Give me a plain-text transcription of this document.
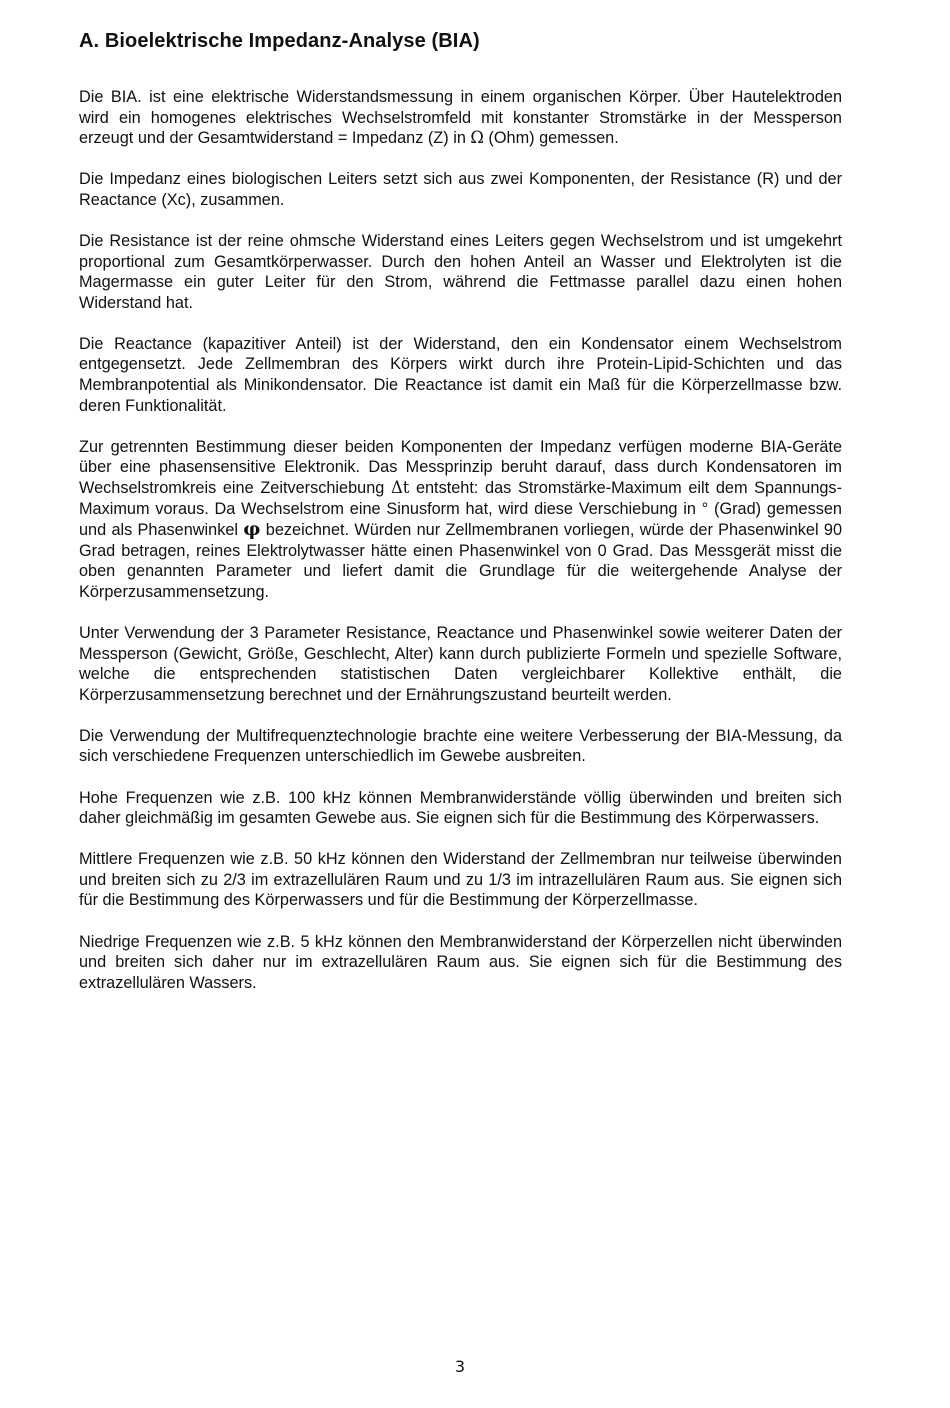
A. Bioelektrische Impedanz-Analyse (BIA)

Die BIA. ist eine elektrische Widerstandsmessung in einem organischen Körper. Über Hautelektroden wird ein homogenes elektrisches Wechselstromfeld mit konstanter Stromstärke in der Messperson erzeugt und der Gesamtwiderstand = Impedanz (Z) in Ω (Ohm) gemessen.

Die Impedanz eines biologischen Leiters setzt sich aus zwei Komponenten, der Resistance (R) und der Reactance (Xc), zusammen.

Die Resistance ist der reine ohmsche Widerstand eines Leiters gegen Wechselstrom und ist umgekehrt proportional zum Gesamtkörperwasser. Durch den hohen Anteil an Wasser und Elektrolyten ist die Magermasse ein guter Leiter für den Strom, während die Fettmasse parallel dazu einen hohen Widerstand hat.

Die Reactance (kapazitiver Anteil) ist der Widerstand, den ein Kondensator einem Wechselstrom entgegensetzt. Jede Zellmembran des Körpers wirkt durch ihre Protein-Lipid-Schichten und das Membranpotential als Minikondensator. Die Reactance ist damit ein Maß für die Körperzellmasse bzw. deren Funktionalität.

Zur getrennten Bestimmung dieser beiden Komponenten der Impedanz verfügen moderne BIA-Geräte über eine phasensensitive Elektronik. Das Messprinzip beruht darauf, dass durch Kondensatoren im Wechselstromkreis eine Zeitverschiebung Δt entsteht: das Stromstärke-Maximum eilt dem Spannungs-Maximum voraus. Da Wechselstrom eine Sinusform hat, wird diese Verschiebung in ° (Grad) gemessen und als Phasenwinkel φ bezeichnet. Würden nur Zellmembranen vorliegen, würde der Phasenwinkel 90 Grad betragen, reines Elektrolytwasser hätte einen Phasenwinkel von 0 Grad. Das Messgerät misst die oben genannten Parameter und liefert damit die Grundlage für die weitergehende Analyse der Körperzusammensetzung.

Unter Verwendung der 3 Parameter Resistance, Reactance und Phasenwinkel sowie weiterer Daten der Messperson (Gewicht, Größe, Geschlecht, Alter) kann durch publizierte Formeln und spezielle Software, welche die entsprechenden statistischen Daten vergleichbarer Kollektive enthält, die Körperzusammensetzung berechnet und der Ernährungszustand beurteilt werden.

Die Verwendung der Multifrequenztechnologie brachte eine weitere Verbesserung der BIA-Messung, da sich verschiedene Frequenzen unterschiedlich im Gewebe ausbreiten.

Hohe Frequenzen wie z.B. 100 kHz können Membranwiderstände völlig überwinden und breiten sich daher gleichmäßig im gesamten Gewebe aus. Sie eignen sich für die Bestimmung des Körperwassers.

Mittlere Frequenzen wie z.B. 50 kHz können den Widerstand der Zellmembran nur teilweise überwinden und breiten sich zu 2/3 im extrazellulären Raum und zu 1/3 im intrazellulären Raum aus. Sie eignen sich für die Bestimmung des Körperwassers und für die Bestimmung der Körperzellmasse.

Niedrige Frequenzen wie z.B. 5 kHz können den Membranwiderstand der Körperzellen nicht überwinden und breiten sich daher nur im extrazellulären Raum aus. Sie eignen sich für die Bestimmung des extrazellulären Wassers.

3
